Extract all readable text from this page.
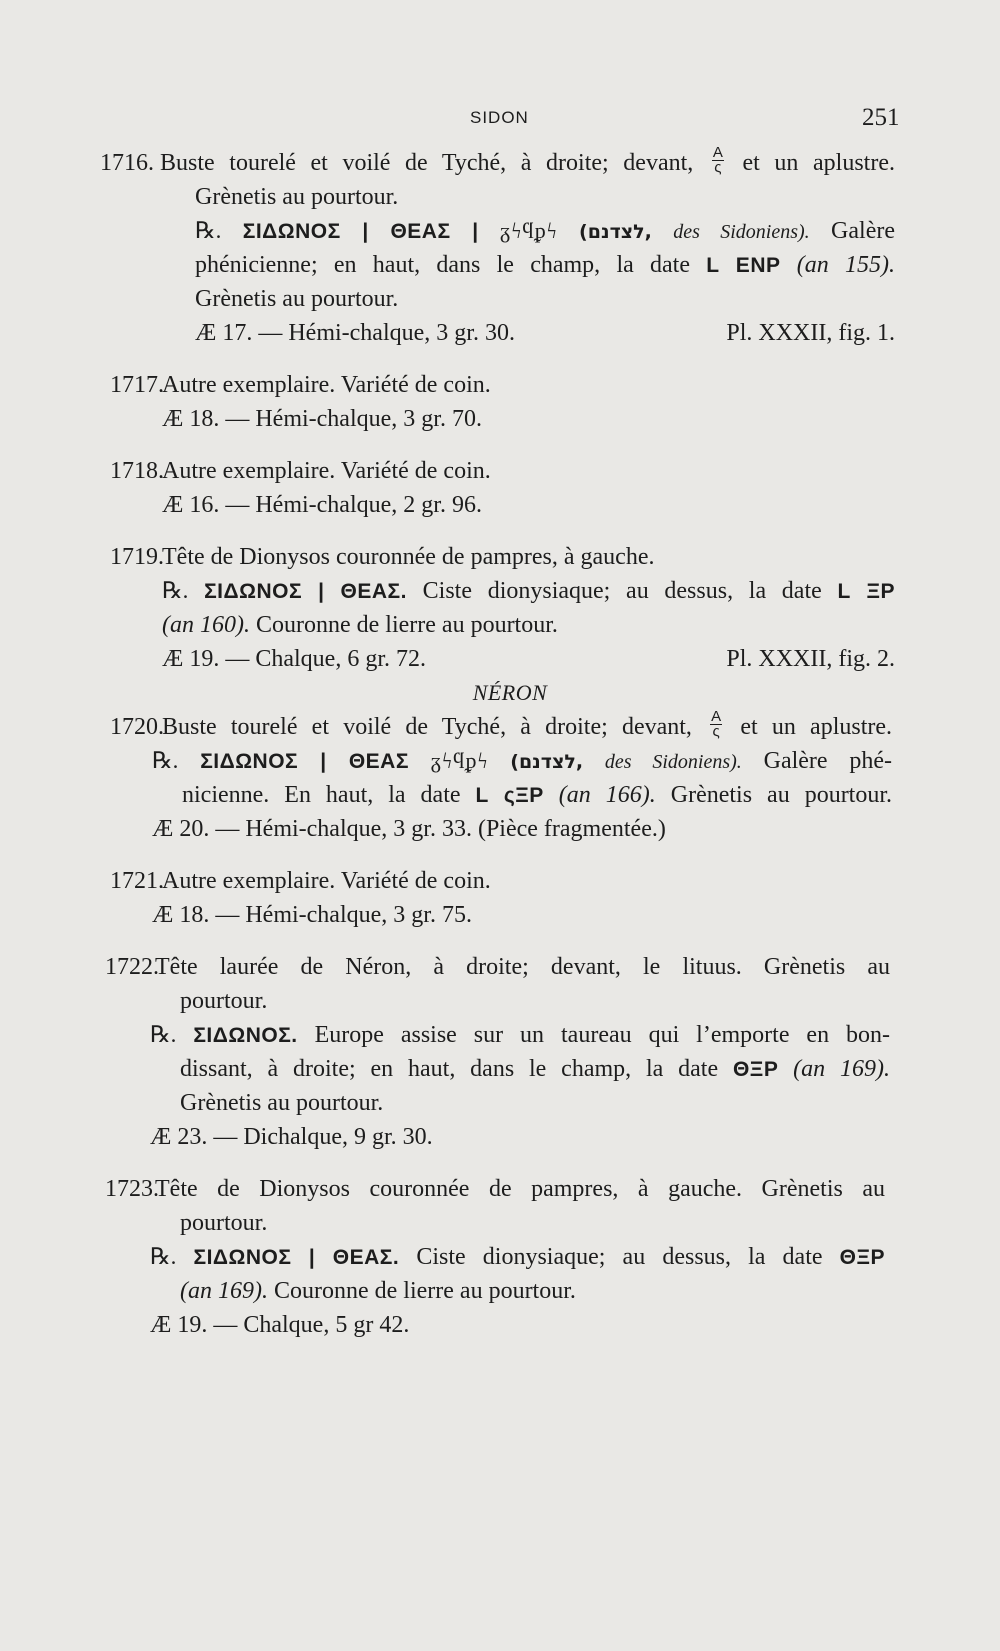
SIDON	251
1716. Buste tourelé et voilé de Tyché, à droite; devant, $\frac{A}{\varsigma}$ et un aplustre.
Grènetis au pourtour.
℞. ΣΙΔΩΝΟΣ | ΘΕΑΣ | ᵹϟϥᵱϟ (לצדנם, des Sidoniens). Galère
phénicienne; en haut, dans le champ, la date L ENP (an 155).
Grènetis au pourtour.
Æ 17. — Hémi-chalque, 3 gr. 30.	Pl. XXXII, fig. 1.
1717.Autre exemplaire. Variété de coin.
Æ 18. — Hémi-chalque, 3 gr. 70.
1718.Autre exemplaire. Variété de coin.
Æ 16. — Hémi-chalque, 2 gr. 96.
1719.Tête de Dionysos couronnée de pampres, à gauche.
℞. ΣΙΔΩΝΟΣ | ΘΕΑΣ. Ciste dionysiaque; au dessus, la date L ΞP
(an 160). Couronne de lierre au pourtour.
Æ 19. — Chalque, 6 gr. 72.	Pl. XXXII, fig. 2.
NÉRON
1720.Buste tourelé et voilé de Tyché, à droite; devant, $\frac{A}{\varsigma}$ et un aplustre.
℞. ΣΙΔΩΝΟΣ | ΘΕΑΣ ᵹϟϥᵱϟ (לצדנם, des Sidoniens). Galère phé-
nicienne. En haut, la date L ςΞP (an 166). Grènetis au pourtour.
Æ 20. — Hémi-chalque, 3 gr. 33. (Pièce fragmentée.)
1721.Autre exemplaire. Variété de coin.
Æ 18. — Hémi-chalque, 3 gr. 75.
1722.Tête laurée de Néron, à droite; devant, le lituus. Grènetis au
pourtour.
℞. ΣΙΔΩΝΟΣ. Europe assise sur un taureau qui l’emporte en bon-
dissant, à droite; en haut, dans le champ, la date ΘΞP (an 169).
Grènetis au pourtour.
Æ 23. — Dichalque, 9 gr. 30.
1723.Tête de Dionysos couronnée de pampres, à gauche. Grènetis au
pourtour.
℞. ΣΙΔΩΝΟΣ | ΘΕΑΣ. Ciste dionysiaque; au dessus, la date ΘΞP
(an 169). Couronne de lierre au pourtour.
Æ 19. — Chalque, 5 gr 42.
